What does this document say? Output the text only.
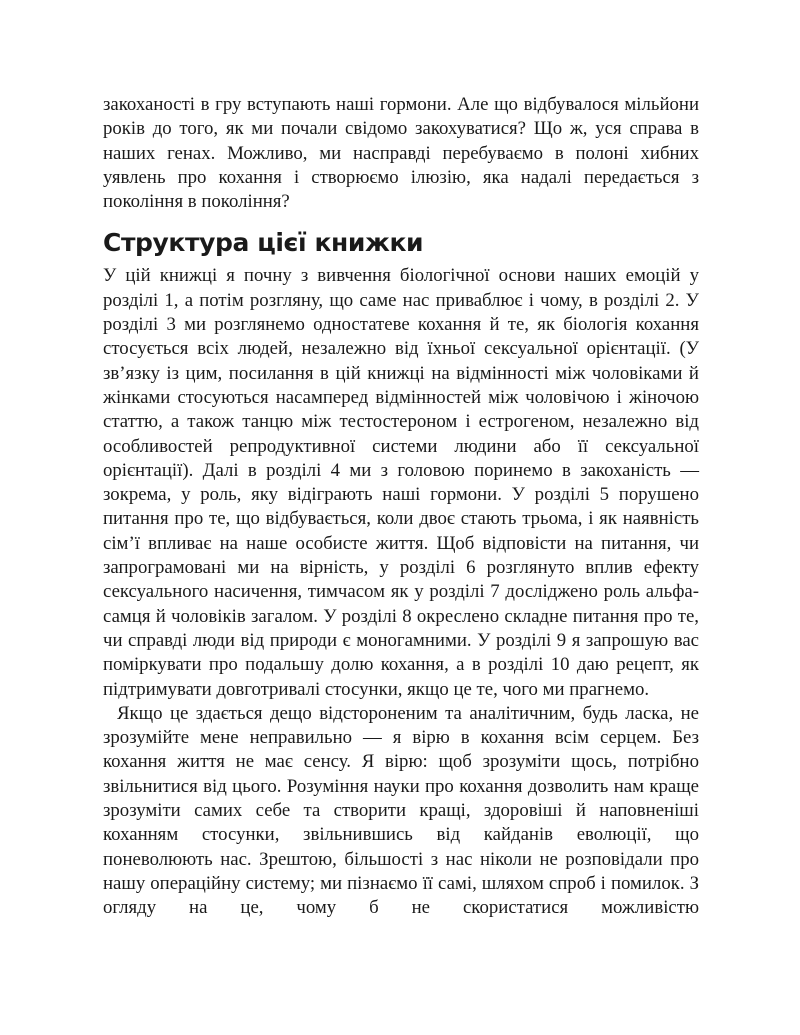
закоханості в гру вступають наші гормони. Але що відбувалося мільйони років до того, як ми почали свідомо закохуватися? Що ж, уся справа в наших генах. Можливо, ми насправді перебуваємо в полоні хибних уявлень про кохання і створюємо ілюзію, яка надалі передається з покоління в покоління?

Структура цієї книжки

У цій книжці я почну з вивчення біологічної основи наших емоцій у розділі 1, а потім розгляну, що саме нас приваблює і чому, в розділі 2. У розділі 3 ми розглянемо одностатеве кохання й те, як біологія кохання стосується всіх людей, незалежно від їхньої сексуальної орієнтації. (У зв’язку із цим, посилання в цій книжці на відмінності між чоловіками й жінками стосуються насамперед відмінностей між чоловічою і жіночою статтю, а також танцю між тестостероном і естрогеном, незалежно від особливостей репродуктивної системи людини або її сексуальної орієнтації). Далі в розділі 4 ми з головою поринемо в закоханість — зокрема, у роль, яку відіграють наші гормони. У розділі 5 порушено питання про те, що відбувається, коли двоє стають трьома, і як наявність сім’ї впливає на наше особисте життя. Щоб відповісти на питання, чи запрограмовані ми на вірність, у розділі 6 розглянуто вплив ефекту сексуального насичення, тимчасом як у розділі 7 досліджено роль альфа-самця й чоловіків загалом. У розділі 8 окреслено складне питання про те, чи справді люди від природи є моногамними. У розділі 9 я запрошую вас поміркувати про подальшу долю кохання, а в розділі 10 даю рецепт, як підтримувати довготривалі стосунки, якщо це те, чого ми прагнемо.

Якщо це здається дещо відстороненим та аналітичним, будь ласка, не зрозумійте мене неправильно — я вірю в кохання всім серцем. Без кохання життя не має сенсу. Я вірю: щоб зрозуміти щось, потрібно звільнитися від цього. Розуміння науки про кохання дозволить нам краще зрозуміти самих себе та створити кращі, здоровіші й наповненіші коханням стосунки, звільнившись від кайданів еволюції, що поневолюють нас. Зрештою, більшості з нас ніколи не розповідали про нашу операційну систему; ми пізнаємо її самі, шляхом спроб і помилок. З огляду на це, чому б не скористатися можливістю
